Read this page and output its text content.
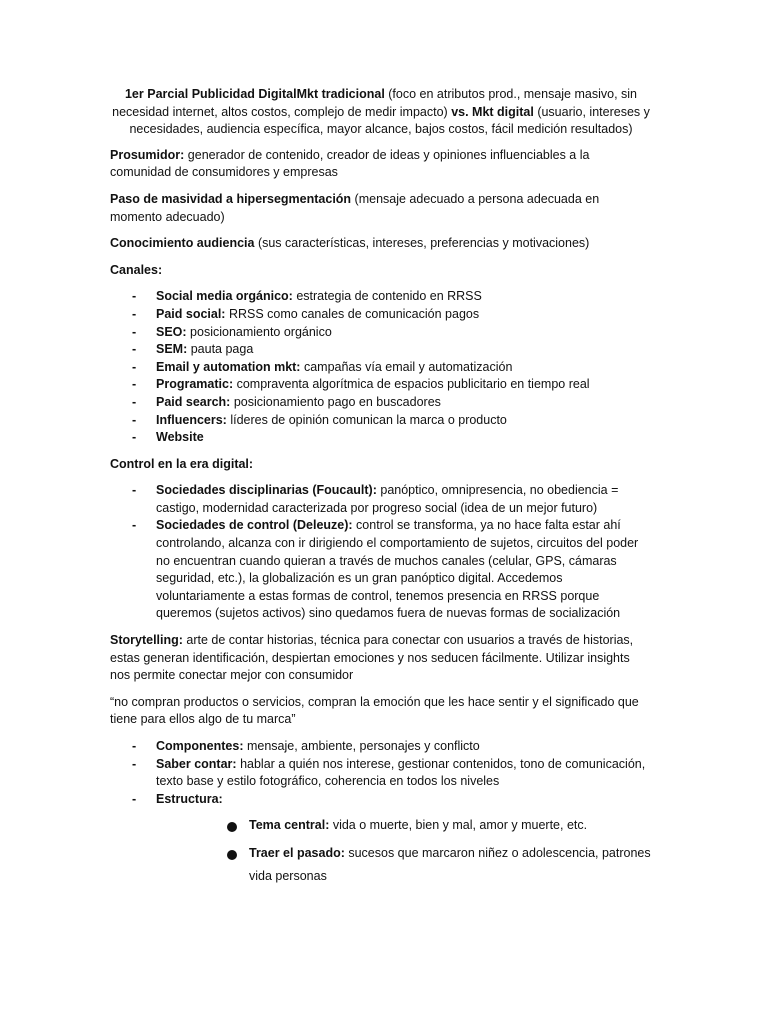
1er Parcial Publicidad DigitalMkt tradicional (foco en atributos prod., mensaje masivo, sin necesidad internet, altos costos, complejo de medir impacto) vs. Mkt digital (usuario, intereses y necesidades, audiencia específica, mayor alcance, bajos costos, fácil medición resultados)

Prosumidor: generador de contenido, creador de ideas y opiniones influenciables a la comunidad de consumidores y empresas

Paso de masividad a hipersegmentación (mensaje adecuado a persona adecuada en momento adecuado)

Conocimiento audiencia (sus características, intereses, preferencias y motivaciones)

Canales:

- Social media orgánico: estrategia de contenido en RRSS
- Paid social: RRSS como canales de comunicación pagos
- SEO: posicionamiento orgánico
- SEM: pauta paga
- Email y automation mkt: campañas vía email y automatización
- Programatic: compraventa algorítmica de espacios publicitario en tiempo real
- Paid search: posicionamiento pago en buscadores
- Influencers: líderes de opinión comunican la marca o producto
- Website

Control en la era digital:

- Sociedades disciplinarias (Foucault): panóptico, omnipresencia, no obediencia = castigo, modernidad caracterizada por progreso social (idea de un mejor futuro)
- Sociedades de control (Deleuze): control se transforma, ya no hace falta estar ahí controlando, alcanza con ir dirigiendo el comportamiento de sujetos, circuitos del poder no encuentran cuando quieran a través de muchos canales (celular, GPS, cámaras seguridad, etc.), la globalización es un gran panóptico digital. Accedemos voluntariamente a estas formas de control, tenemos presencia en RRSS porque queremos (sujetos activos) sino quedamos fuera de nuevas formas de socialización

Storytelling: arte de contar historias, técnica para conectar con usuarios a través de historias, estas generan identificación, despiertan emociones y nos seducen fácilmente. Utilizar insights nos permite conectar mejor con consumidor

“no compran productos o servicios, compran la emoción que les hace sentir y el significado que tiene para ellos algo de tu marca”

- Componentes: mensaje, ambiente, personajes y conflicto
- Saber contar: hablar a quién nos interese, gestionar contenidos, tono de comunicación, texto base y estilo fotográfico, coherencia en todos los niveles
- Estructura:
Tema central: vida o muerte, bien y mal, amor y muerte, etc.
Traer el pasado: sucesos que marcaron niñez o adolescencia, patrones vida personas
